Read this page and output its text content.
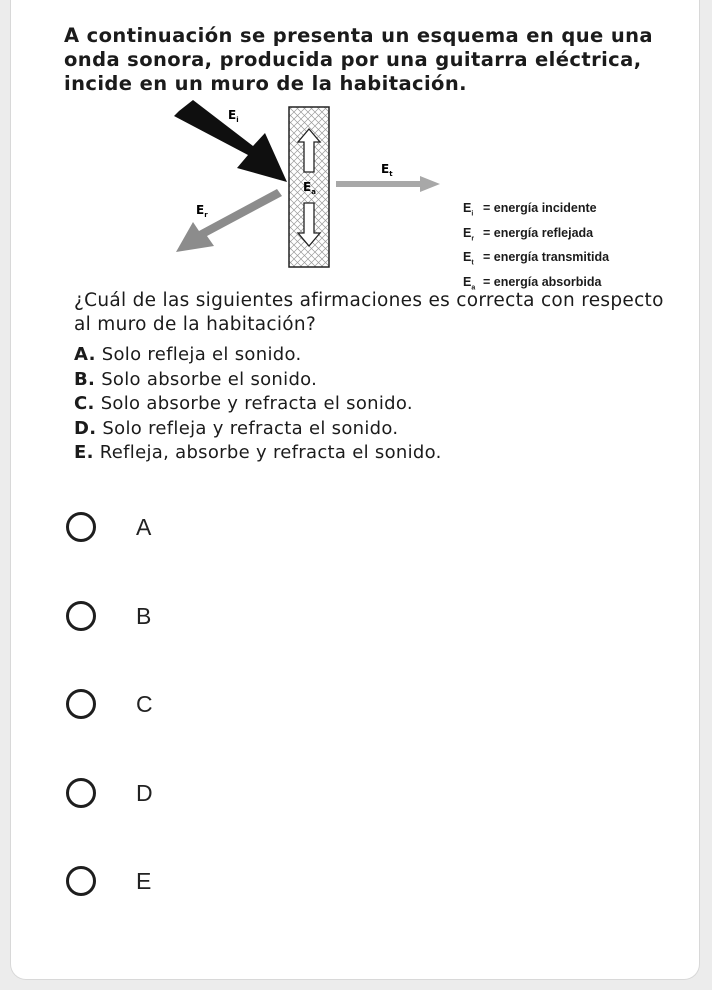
A continuación se presenta un esquema en que una onda sonora, producida por una guitarra eléctrica, incide en un muro de la habitación.

$E_i$
$E_a$
$E_t$
$E_r$	$E_i$ = energía incidente
$E_r$ = energía reflejada
$E_t$ = energía transmitida
$E_a$ = energía absorbida

¿Cuál de las siguientes afirmaciones es correcta con respecto al muro de la habitación?

A. Solo refleja el sonido.
B. Solo absorbe el sonido.
C. Solo absorbe y refracta el sonido.
D. Solo refleja y refracta el sonido.
E. Refleja, absorbe y refracta el sonido.
A
B
C
D
E
